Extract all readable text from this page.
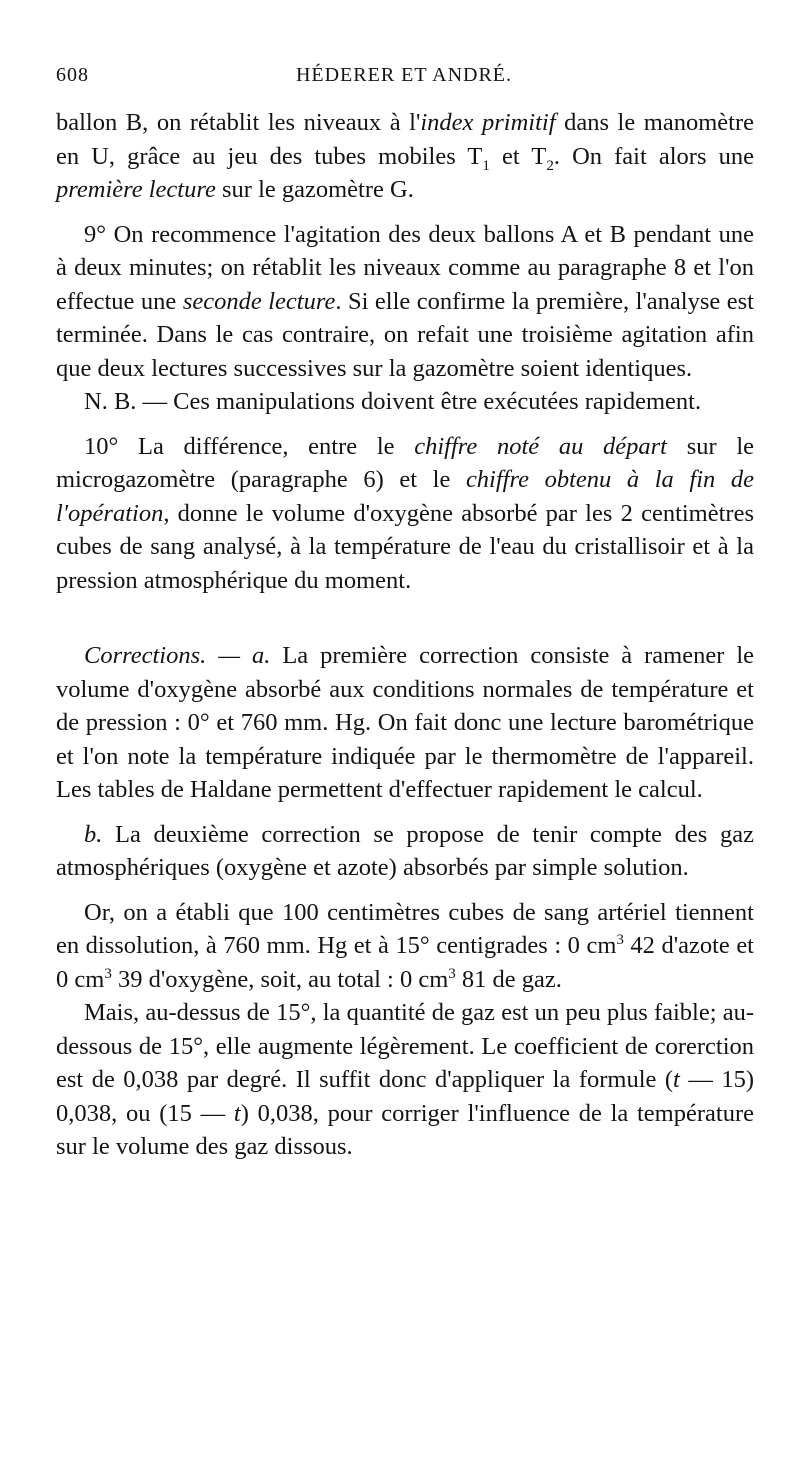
608	HÉDERER ET ANDRÉ.

ballon B, on rétablit les niveaux à l'index primitif dans le manomètre en U, grâce au jeu des tubes mobiles $T_1$ et $T_2$. On fait alors une première lecture sur le gazomètre G.

9° On recommence l'agitation des deux ballons A et B pendant une à deux minutes; on rétablit les niveaux comme au paragraphe 8 et l'on effectue une seconde lecture. Si elle confirme la première, l'analyse est terminée. Dans le cas contraire, on refait une troisième agitation afin que deux lectures successives sur la gazomètre soient identiques.

N. B. — Ces manipulations doivent être exécutées rapidement.

10° La différence, entre le chiffre noté au départ sur le microgazomètre (paragraphe 6) et le chiffre obtenu à la fin de l'opération, donne le volume d'oxygène absorbé par les 2 centimètres cubes de sang analysé, à la température de l'eau du cristallisoir et à la pression atmosphérique du moment.

Corrections. — a. La première correction consiste à ramener le volume d'oxygène absorbé aux conditions normales de température et de pression : 0° et 760 mm. Hg. On fait donc une lecture barométrique et l'on note la température indiquée par le thermomètre de l'appareil. Les tables de Haldane permettent d'effectuer rapidement le calcul.

b. La deuxième correction se propose de tenir compte des gaz atmosphériques (oxygène et azote) absorbés par simple solution.

Or, on a établi que 100 centimètres cubes de sang artériel tiennent en dissolution, à 760 mm. Hg et à 15° centigrades : 0 $cm^3$ 42 d'azote et 0 $cm^3$ 39 d'oxygène, soit, au total : 0 $cm^3$ 81 de gaz.

Mais, au-dessus de 15°, la quantité de gaz est un peu plus faible; au-dessous de 15°, elle augmente légèrement. Le coefficient de corerction est de 0,038 par degré. Il suffit donc d'appliquer la formule (t — 15) 0,038, ou (15 — t) 0,038, pour corriger l'influence de la température sur le volume des gaz dissous.
